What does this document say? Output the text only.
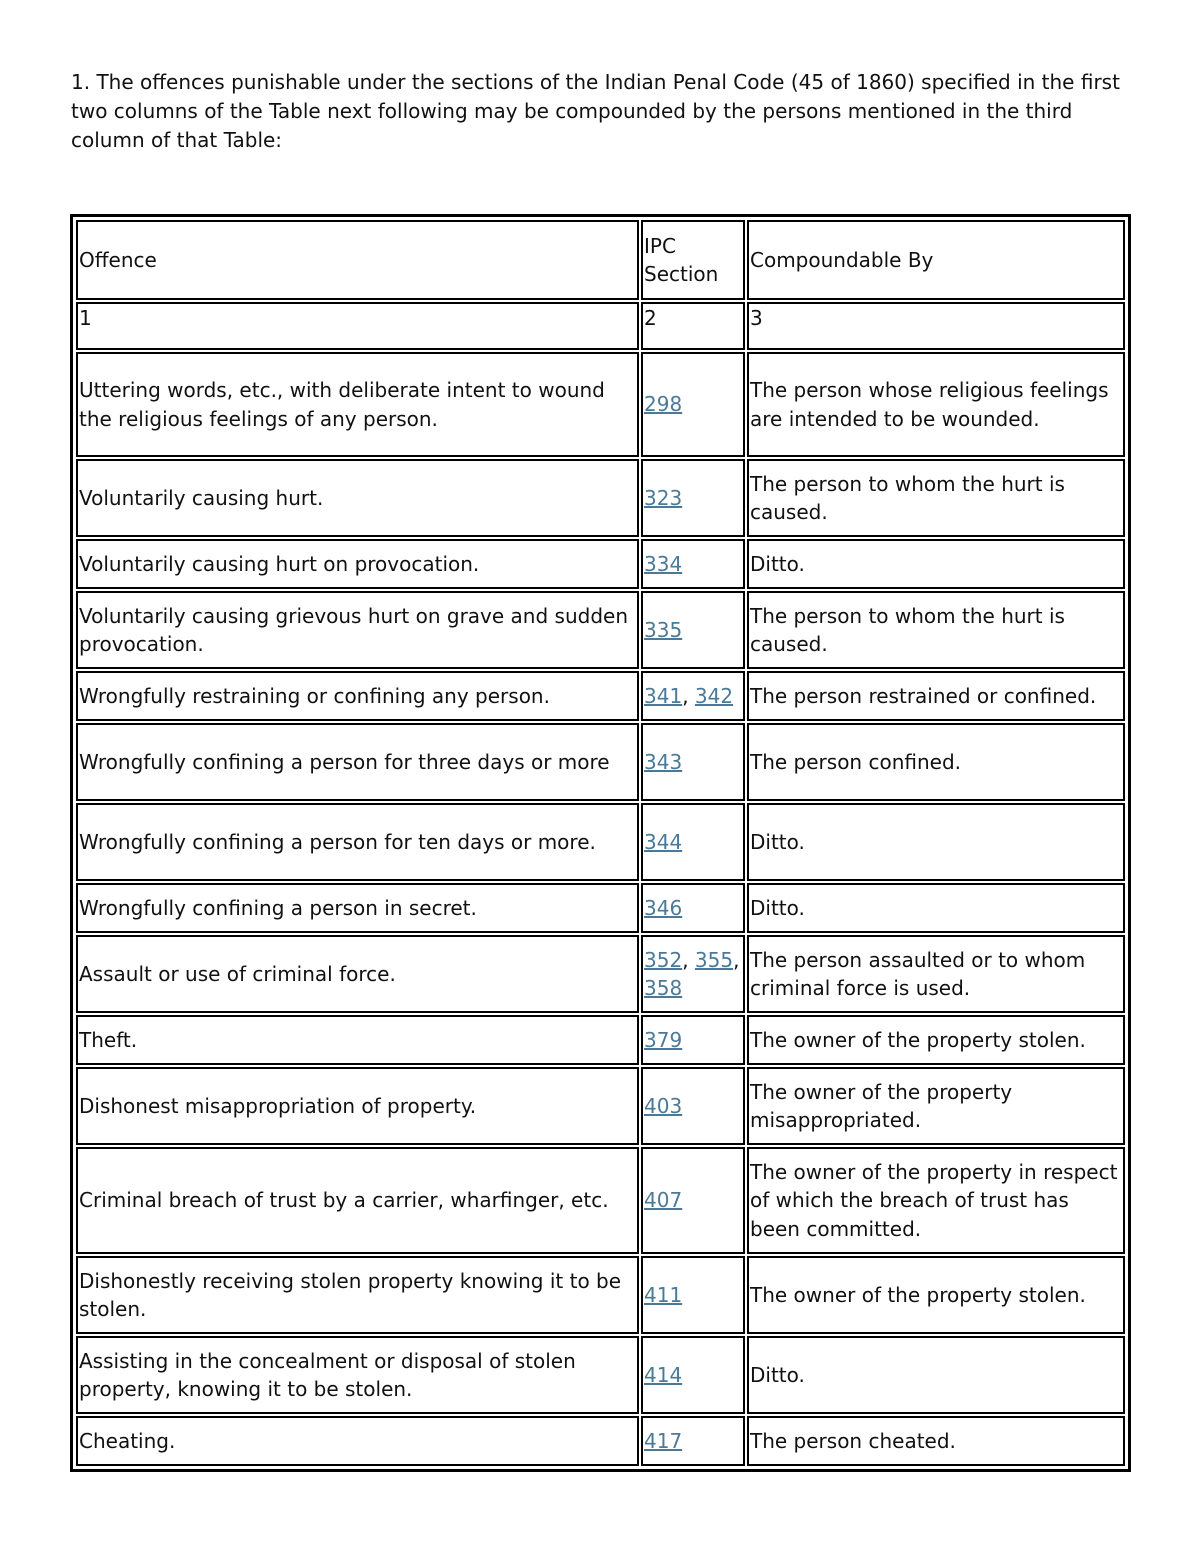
1. The offences punishable under the sections of the Indian Penal Code (45 of 1860) specified in the first two columns of the Table next following may be compounded by the persons mentioned in the third column of that Table:

Offence	IPC Section	Compoundable By
1	2	3
Uttering words, etc., with deliberate intent to wound the religious feelings of any person.	298	The person whose religious feelings are intended to be wounded.
Voluntarily causing hurt.	323	The person to whom the hurt is caused.
Voluntarily causing hurt on provocation.	334	Ditto.
Voluntarily causing grievous hurt on grave and sudden provocation.	335	The person to whom the hurt is caused.
Wrongfully restraining or confining any person.	341, 342	The person restrained or confined.
Wrongfully confining a person for three days or more	343	The person confined.
Wrongfully confining a person for ten days or more.	344	Ditto.
Wrongfully confining a person in secret.	346	Ditto.
Assault or use of criminal force.	352, 355, 358	The person assaulted or to whom criminal force is used.
Theft.	379	The owner of the property stolen.
Dishonest misappropriation of property.	403	The owner of the property misappropriated.
Criminal breach of trust by a carrier, wharfinger, etc.	407	The owner of the property in respect of which the breach of trust has been committed.
Dishonestly receiving stolen property knowing it to be stolen.	411	The owner of the property stolen.
Assisting in the concealment or disposal of stolen property, knowing it to be stolen.	414	Ditto.
Cheating.	417	The person cheated.
